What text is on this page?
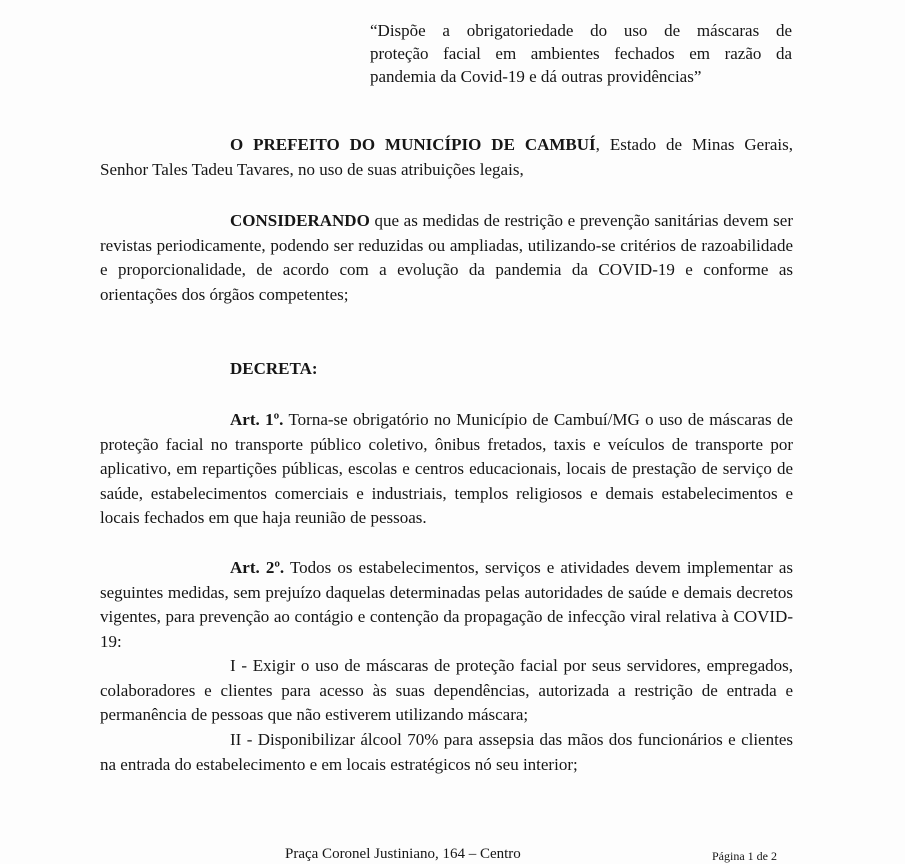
“Dispõe a obrigatoriedade do uso de máscaras de
proteção facial em ambientes fechados em razão da
pandemia da Covid-19 e dá outras providências”

O PREFEITO DO MUNICÍPIO DE CAMBUÍ, Estado de Minas Gerais, Senhor Tales Tadeu Tavares, no uso de suas atribuições legais,

CONSIDERANDO que as medidas de restrição e prevenção sanitárias devem ser revistas periodicamente, podendo ser reduzidas ou ampliadas, utilizando-se critérios de razoabilidade e proporcionalidade, de acordo com a evolução da pandemia da COVID-19 e conforme as orientações dos órgãos competentes;

DECRETA:

Art. 1º. Torna-se obrigatório no Município de Cambuí/MG o uso de máscaras de proteção facial no transporte público coletivo, ônibus fretados, taxis e veículos de transporte por aplicativo, em repartições públicas, escolas e centros educacionais, locais de prestação de serviço de saúde, estabelecimentos comerciais e industriais, templos religiosos e demais estabelecimentos e locais fechados em que haja reunião de pessoas.

Art. 2º. Todos os estabelecimentos, serviços e atividades devem implementar as seguintes medidas, sem prejuízo daquelas determinadas pelas autoridades de saúde e demais decretos vigentes, para prevenção ao contágio e contenção da propagação de infecção viral relativa à COVID-19:

I - Exigir o uso de máscaras de proteção facial por seus servidores, empregados, colaboradores e clientes para acesso às suas dependências, autorizada a restrição de entrada e permanência de pessoas que não estiverem utilizando máscara;

II - Disponibilizar álcool 70% para assepsia das mãos dos funcionários e clientes na entrada do estabelecimento e em locais estratégicos nó seu interior;

Praça Coronel Justiniano, 164 – Centro	Página 1 de 2
